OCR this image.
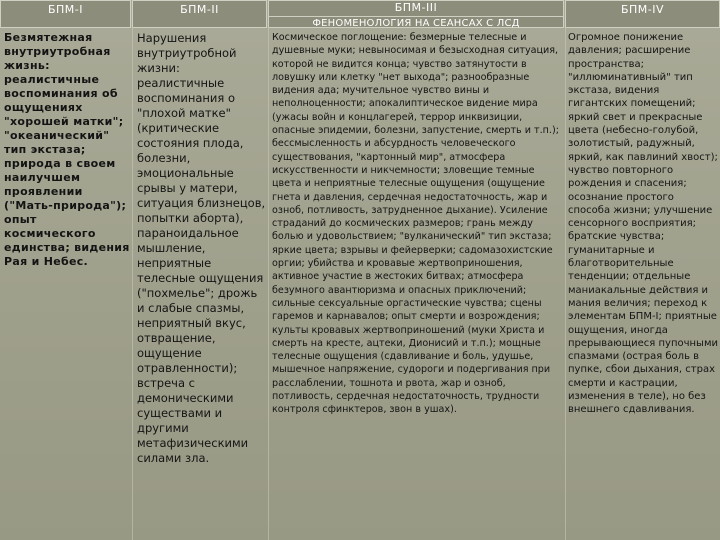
БПМ-I	БПМ-II	БПМ-III
ФЕНОМЕНОЛОГИЯ НА СЕАНСАХ С ЛСД
БПМ-IV

Безмятежная внутриутробная жизнь: реалистичные воспоминания об ощущениях "хорошей матки"; "океанический" тип экстаза; природа в своем наилучшем проявлении ("Мать-природа"); опыт космического единства; видения Рая и Небес.

Нарушения внутриутробной жизни: реалистичные воспоминания о "плохой матке" (критические состояния плода, болезни, эмоциональные срывы у матери, ситуация близнецов, попытки аборта), параноидальное мышление, неприятные телесные ощущения ("похмелье"; дрожь и слабые спазмы, неприятный вкус, отвращение, ощущение отравленности); встреча с демоническими существами и другими метафизическими силами зла.

Космическое поглощение: безмерные телесные и душевные муки; невыносимая и безысходная ситуация, которой не видится конца; чувство затянутости в ловушку или клетку "нет выхода"; разнообразные видения ада; мучительное чувство вины и неполноценности; апокалиптическое видение мира (ужасы войн и концлагерей, террор инквизиции, опасные эпидемии, болезни, запустение, смерть и т.п.); бессмысленность и абсурдность человеческого существования, "картонный мир", атмосфера искусственности и никчемности; зловещие темные цвета и неприятные телесные ощущения (ощущение гнета и давления, сердечная недостаточность, жар и озноб, потливость, затрудненное дыхание). Усиление страданий до космических размеров; грань между болью и удовольствием; "вулканический" тип экстаза; яркие цвета; взрывы и фейерверки; садомазохистские оргии; убийства и кровавые жертвоприношения, активное участие в жестоких битвах; атмосфера безумного авантюризма и опасных приключений; сильные сексуальные оргастические чувства; сцены гаремов и карнавалов; опыт смерти и возрождения; культы кровавых жертвоприношений (муки Христа и смерть на кресте, ацтеки, Дионисий и т.п.); мощные телесные ощущения (сдавливание и боль, удушье, мышечное напряжение, судороги и подергивания при расслаблении, тошнота и рвота, жар и озноб, потливость, сердечная недостаточность, трудности контроля сфинктеров, звон в ушах).

Огромное понижение давления; расширение пространства; "иллюминативный" тип экстаза, видения гигантских помещений; яркий свет и прекрасные цвета (небесно-голубой, золотистый, радужный, яркий, как павлиний хвост); чувство повторного рождения и спасения; осознание простого способа жизни; улучшение сенсорного восприятия; братские чувства; гуманитарные и благотворительные тенденции; отдельные маниакальные действия и мания величия; переход к элементам БПМ-I; приятные ощущения, иногда прерывающиеся пупочными спазмами (острая боль в пупке, сбои дыхания, страх смерти и кастрации, изменения в теле), но без внешнего сдавливания.
